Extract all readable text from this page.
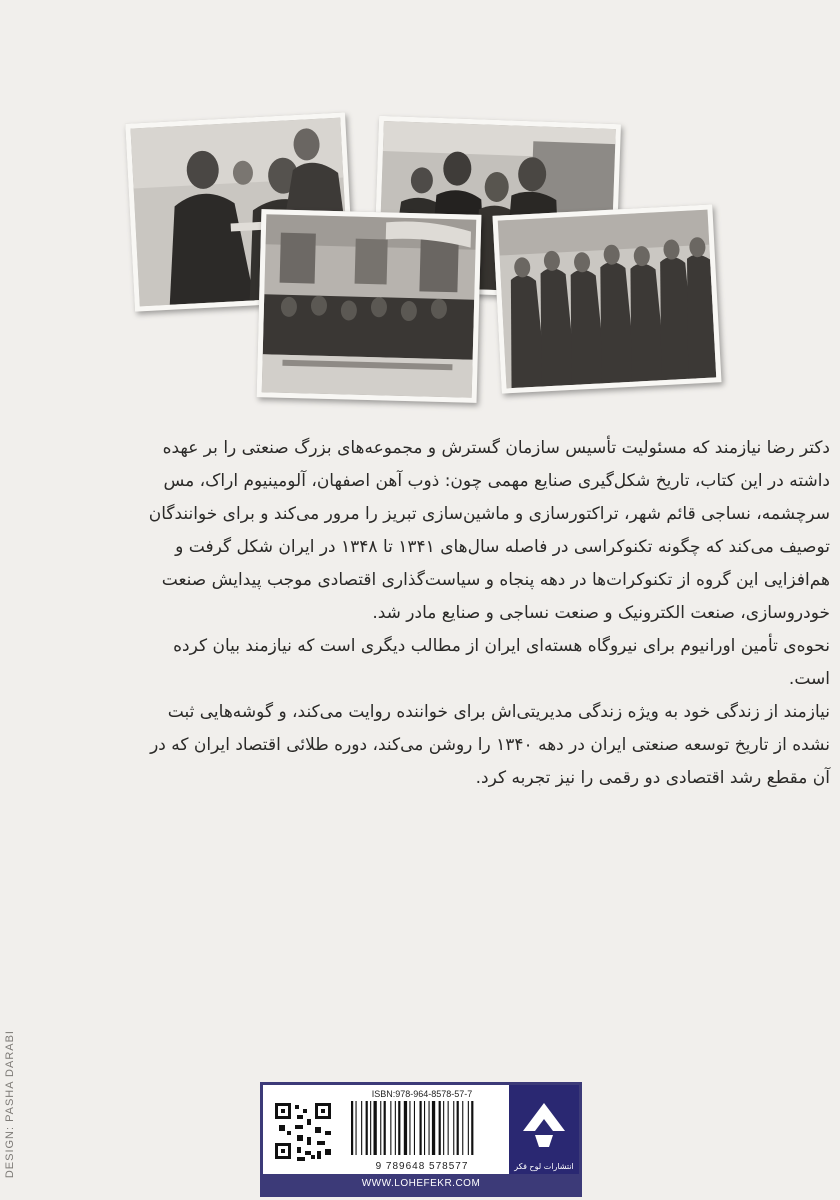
دکتر رضا نیازمند که مسئولیت تأسیس سازمان گسترش و مجموعه‌های بزرگ صنعتی را بر عهده داشته در این کتاب، تاریخ شکل‌گیری صنایع مهمی چون: ذوب آهن اصفهان، آلومینیوم اراک، مس سرچشمه، نساجی قائم شهر، تراکتورسازی و ماشین‌سازی تبریز را مرور می‌کند و برای خوانندگان توصیف می‌کند که چگونه تکنوکراسی در فاصله سال‌های ۱۳۴۱ تا ۱۳۴۸ در ایران شکل گرفت و هم‌افزایی این گروه از تکنوکرات‌ها در دهه پنجاه و سیاست‌گذاری اقتصادی موجب پیدایش صنعت خودروسازی، صنعت الکترونیک و صنعت نساجی و صنایع مادر شد.

نحوه‌ی تأمین اورانیوم برای نیروگاه هسته‌ای ایران از مطالب دیگری است که نیازمند بیان کرده است.

نیازمند از زندگی خود به ویژه زندگی مدیریتی‌اش برای خواننده روایت می‌کند، و گوشه‌هایی ثبت نشده از تاریخ توسعه صنعتی ایران در دهه ۱۳۴۰ را روشن می‌کند، دوره طلائی اقتصاد ایران که در آن مقطع رشد اقتصادی دو رقمی را نیز تجربه کرد.

DESIGN: PASHA DARABI	ISBN:978-964-8578-57-7
9 789648 578577	انتشارات لوح فکر
WWW.LOHEFEKR.COM
